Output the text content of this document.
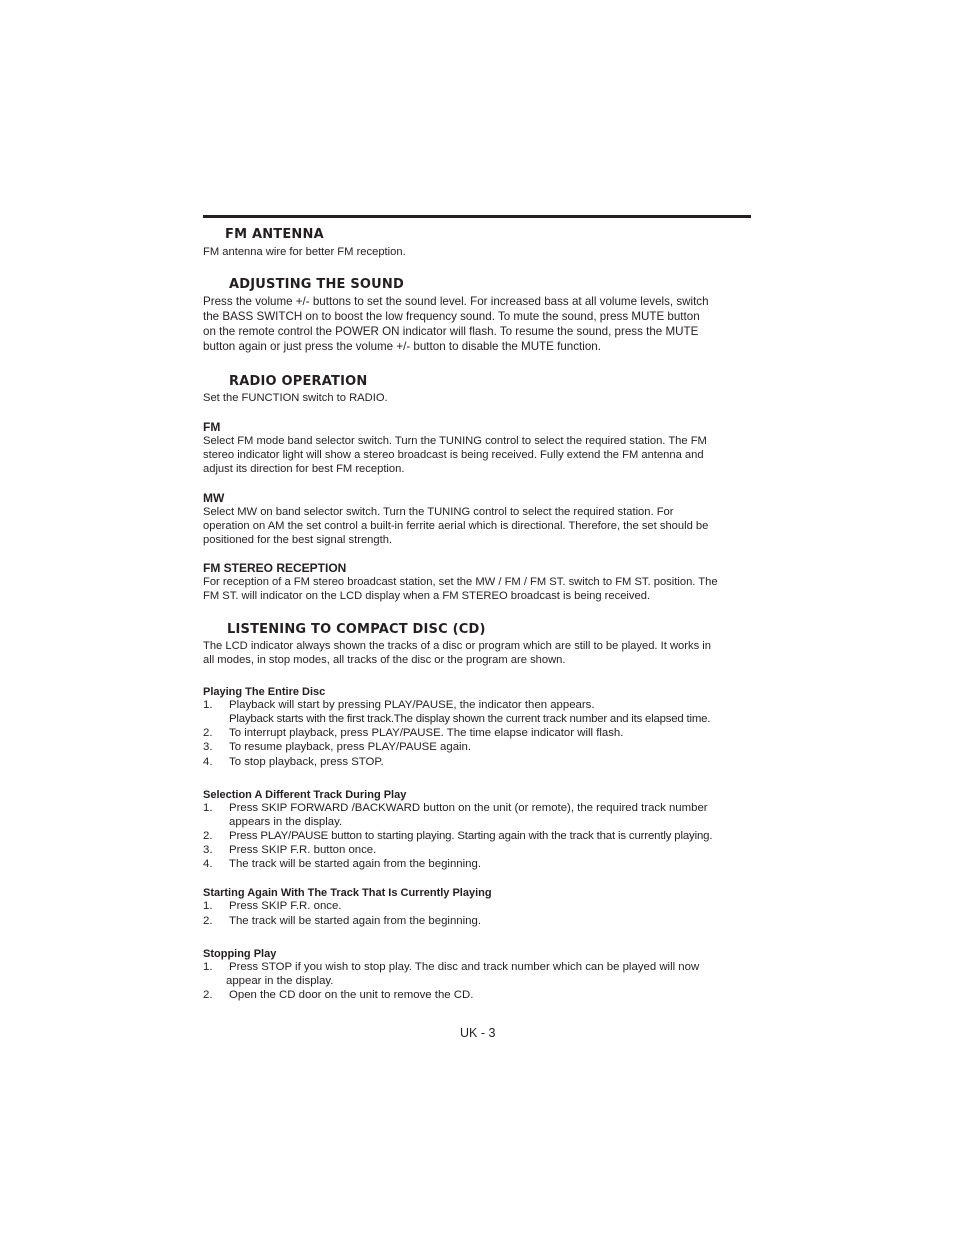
FM ANTENNA
FM antenna wire for better FM reception.
ADJUSTING THE SOUND
Press the volume +/- buttons to set the sound level. For increased bass at all volume levels, switch
the BASS SWITCH on to boost the low frequency sound. To mute the sound, press MUTE button
on the remote control the POWER ON indicator will flash. To resume the sound, press the MUTE
button again or just press the volume +/- button to disable the MUTE function.
RADIO OPERATION
Set the FUNCTION switch to RADIO.
FM
Select FM mode band selector switch. Turn the TUNING control to select the required station. The FM
stereo indicator light will show a stereo broadcast is being received. Fully extend the FM antenna and
adjust its direction for best FM reception.
MW
Select MW on band selector switch. Turn the TUNING control to select the required station. For
operation on AM the set control a built-in ferrite aerial which is directional. Therefore, the set should be
positioned for the best signal strength.
FM STEREO RECEPTION
For reception of a FM stereo broadcast station, set the MW / FM / FM ST. switch to FM ST. position. The
FM ST. will indicator on the LCD display when a FM STEREO broadcast is being received.
LISTENING TO COMPACT DISC (CD)
The LCD indicator always shown the tracks of a disc or program which are still to be played. It works in
all modes, in stop modes, all tracks of the disc or the program are shown.
Playing The Entire Disc
1.	Playback will start by pressing PLAY/PAUSE, the indicator then appears.
Playback starts with the first track.The display shown the current track number and its elapsed time.
2.	To interrupt playback, press PLAY/PAUSE. The time elapse indicator will flash.
3.	To resume playback, press PLAY/PAUSE again.
4.	To stop playback, press STOP.
Selection A Different Track During Play
1.	Press SKIP FORWARD /BACKWARD button on the unit (or remote), the required track number
appears in the display.
2.	Press PLAY/PAUSE button to starting playing. Starting again with the track that is currently playing.
3.	Press SKIP F.R. button once.
4.	The track will be started again from the beginning.
Starting Again With The Track That Is Currently Playing
1.	Press SKIP F.R. once.
2.	The track will be started again from the beginning.
Stopping Play
1.	Press STOP if you wish to stop play. The disc and track number which can be played will now
appear in the display.
2.	Open the CD door on the unit to remove the CD.
UK - 3
